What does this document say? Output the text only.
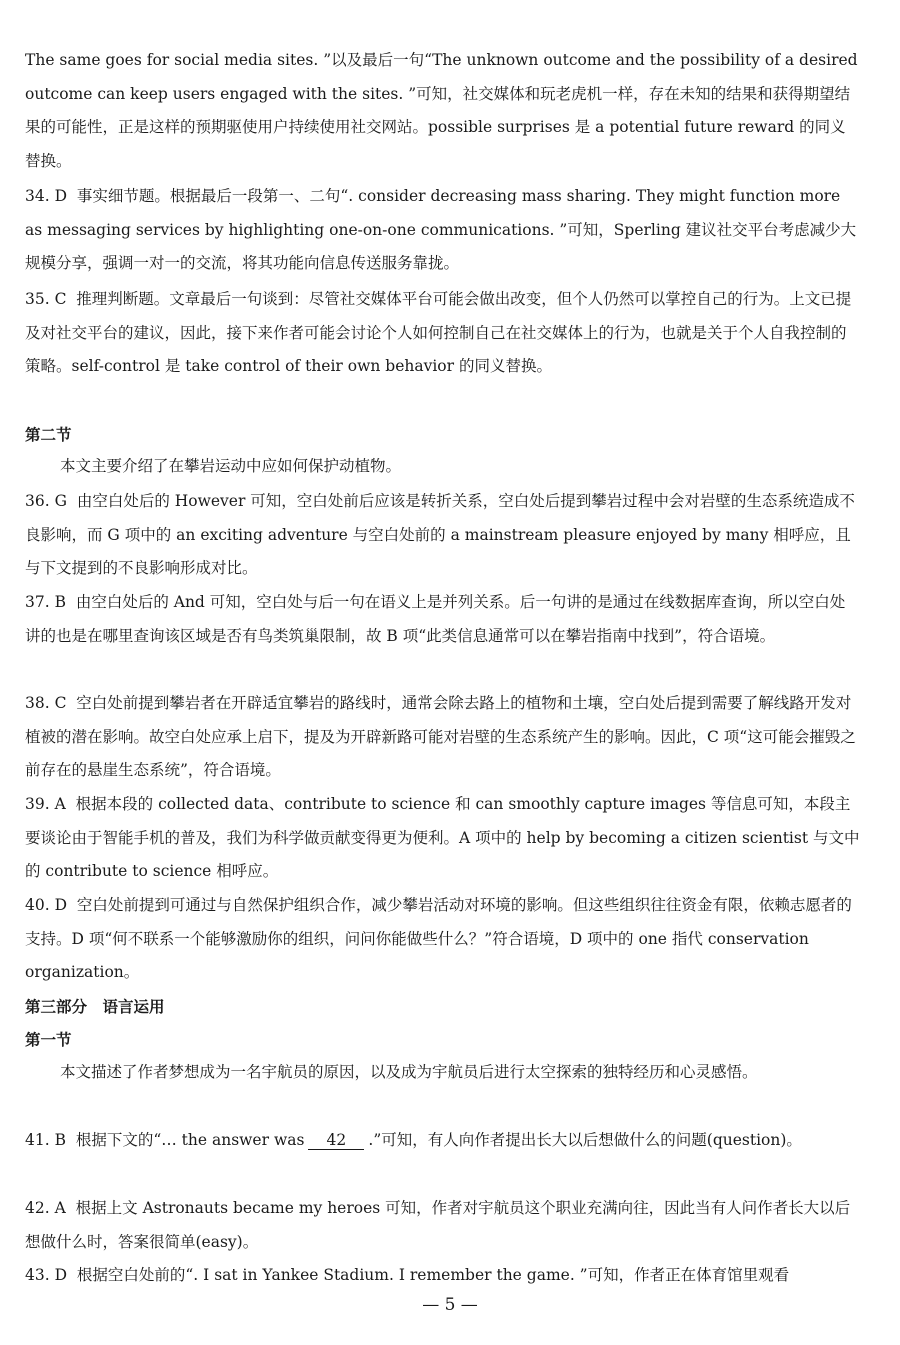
The same goes for social media sites. ”以及最后一句“The unknown outcome and the possibility of a desired outcome can keep users engaged with the sites. ”可知，社交媒体和玩老虎机一样，存在未知的结果和获得期望结果的可能性，正是这样的预期驱使用户持续使用社交网站。possible surprises 是 a potential future reward 的同义替换。

34. D 事实细节题。根据最后一段第一、二句“. consider decreasing mass sharing. They might function more as messaging services by highlighting one-on-one communications. ”可知，Sperling 建议社交平台考虑减少大规模分享，强调一对一的交流，将其功能向信息传送服务靠拢。

35. C 推理判断题。文章最后一句谈到：尽管社交媒体平台可能会做出改变，但个人仍然可以掌控自己的行为。上文已提及对社交平台的建议，因此，接下来作者可能会讨论个人如何控制自己在社交媒体上的行为，也就是关于个人自我控制的策略。self-control 是 take control of their own behavior 的同义替换。

第二节

本文主要介绍了在攀岩运动中应如何保护动植物。

36. G 由空白处后的 However 可知，空白处前后应该是转折关系，空白处后提到攀岩过程中会对岩壁的生态系统造成不良影响，而 G 项中的 an exciting adventure 与空白处前的 a mainstream pleasure enjoyed by many 相呼应，且与下文提到的不良影响形成对比。

37. B 由空白处后的 And 可知，空白处与后一句在语义上是并列关系。后一句讲的是通过在线数据库查询，所以空白处讲的也是在哪里查询该区域是否有鸟类筑巢限制，故 B 项“此类信息通常可以在攀岩指南中找到”，符合语境。

38. C 空白处前提到攀岩者在开辟适宜攀岩的路线时，通常会除去路上的植物和土壤，空白处后提到需要了解线路开发对植被的潜在影响。故空白处应承上启下，提及为开辟新路可能对岩壁的生态系统产生的影响。因此，C 项“这可能会摧毁之前存在的悬崖生态系统”，符合语境。

39. A 根据本段的 collected data、contribute to science 和 can smoothly capture images 等信息可知，本段主要谈论由于智能手机的普及，我们为科学做贡献变得更为便利。A 项中的 help by becoming a citizen scientist 与文中的 contribute to science 相呼应。

40. D 空白处前提到可通过与自然保护组织合作，减少攀岩活动对环境的影响。但这些组织往往资金有限，依赖志愿者的支持。D 项“何不联系一个能够激励你的组织，问问你能做些什么？”符合语境，D 项中的 one 指代 conservation organization。

第三部分　语言运用
第一节

本文描述了作者梦想成为一名宇航员的原因，以及成为宇航员后进行太空探索的独特经历和心灵感悟。

41. B 根据下文的“… the answer was 42 .”可知，有人向作者提出长大以后想做什么的问题(question)。

42. A 根据上文 Astronauts became my heroes 可知，作者对宇航员这个职业充满向往，因此当有人问作者长大以后想做什么时，答案很简单(easy)。

43. D 根据空白处前的“. I sat in Yankee Stadium. I remember the game. ”可知，作者正在体育馆里观看

— 5 —
